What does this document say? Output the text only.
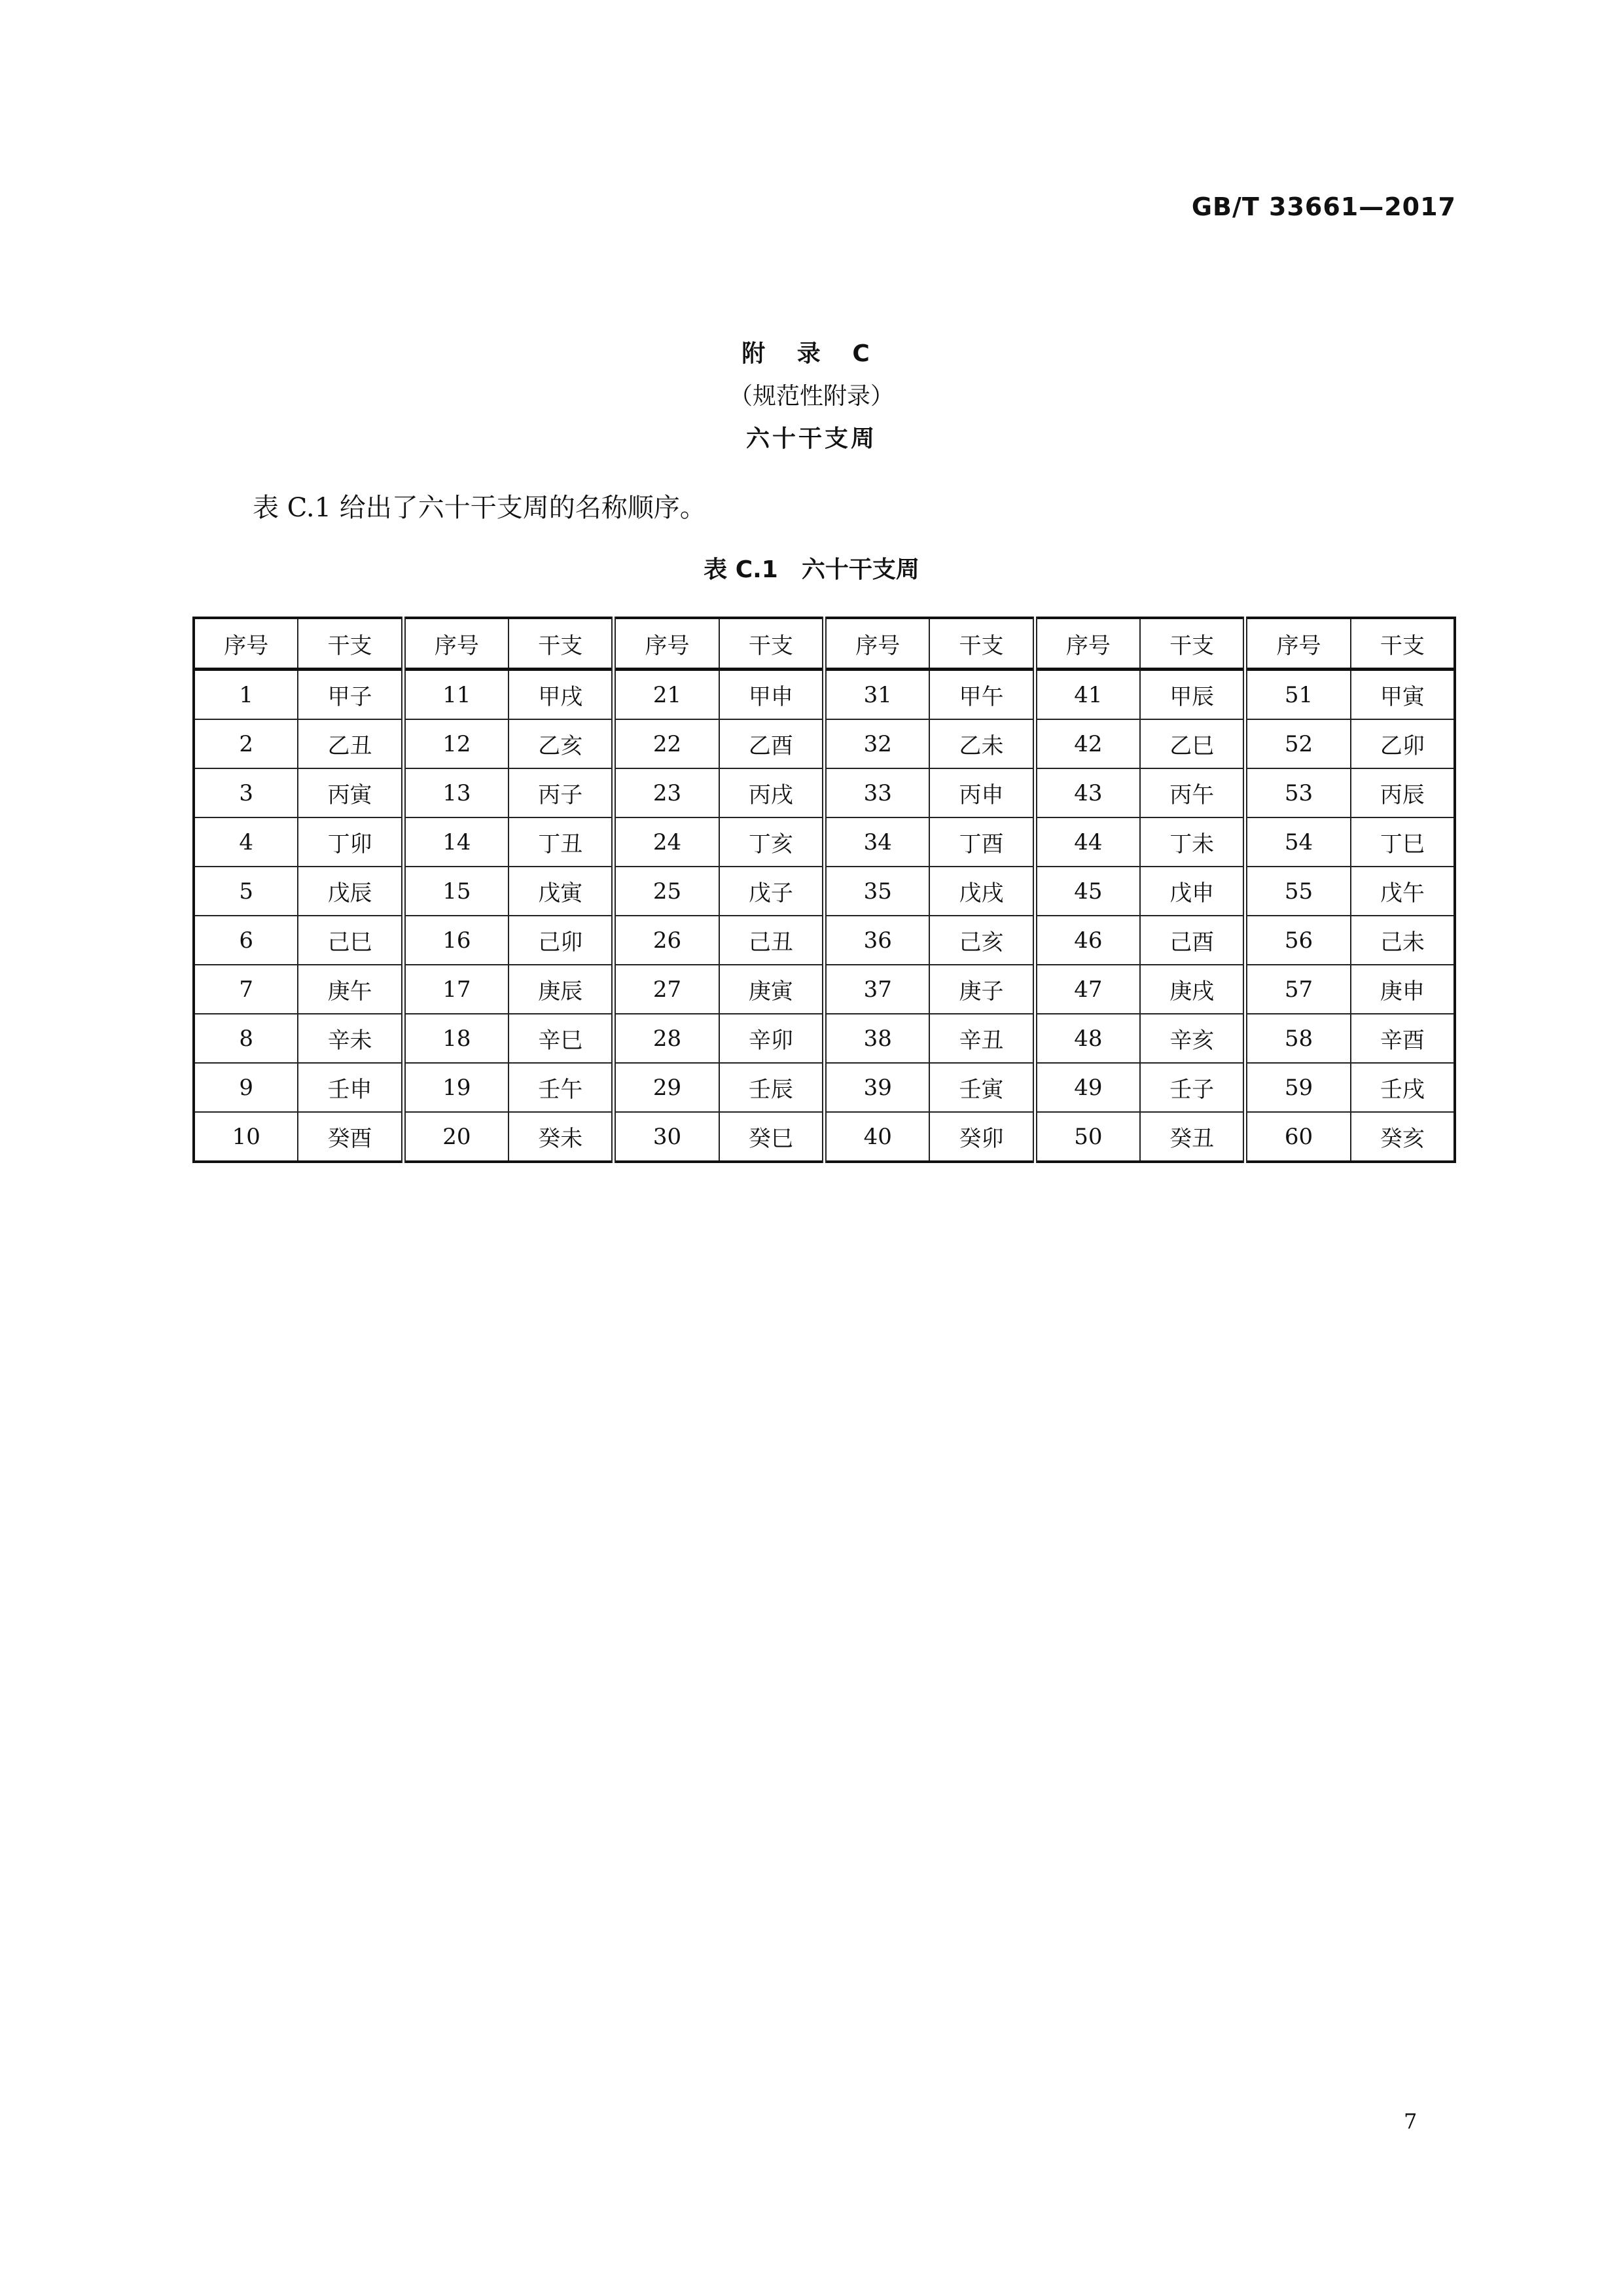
GB/T 33661—2017
附 录 C
（规范性附录）
六十干支周
表 C.1 给出了六十干支周的名称顺序。
表 C.1　六十干支周
序号	干支	序号	干支	序号	干支	序号	干支	序号	干支	序号	干支
1	甲子	11	甲戌	21	甲申	31	甲午	41	甲辰	51	甲寅
2	乙丑	12	乙亥	22	乙酉	32	乙未	42	乙巳	52	乙卯
3	丙寅	13	丙子	23	丙戌	33	丙申	43	丙午	53	丙辰
4	丁卯	14	丁丑	24	丁亥	34	丁酉	44	丁未	54	丁巳
5	戊辰	15	戊寅	25	戊子	35	戊戌	45	戊申	55	戊午
6	己巳	16	己卯	26	己丑	36	己亥	46	己酉	56	己未
7	庚午	17	庚辰	27	庚寅	37	庚子	47	庚戌	57	庚申
8	辛未	18	辛巳	28	辛卯	38	辛丑	48	辛亥	58	辛酉
9	壬申	19	壬午	29	壬辰	39	壬寅	49	壬子	59	壬戌
10	癸酉	20	癸未	30	癸巳	40	癸卯	50	癸丑	60	癸亥
7
